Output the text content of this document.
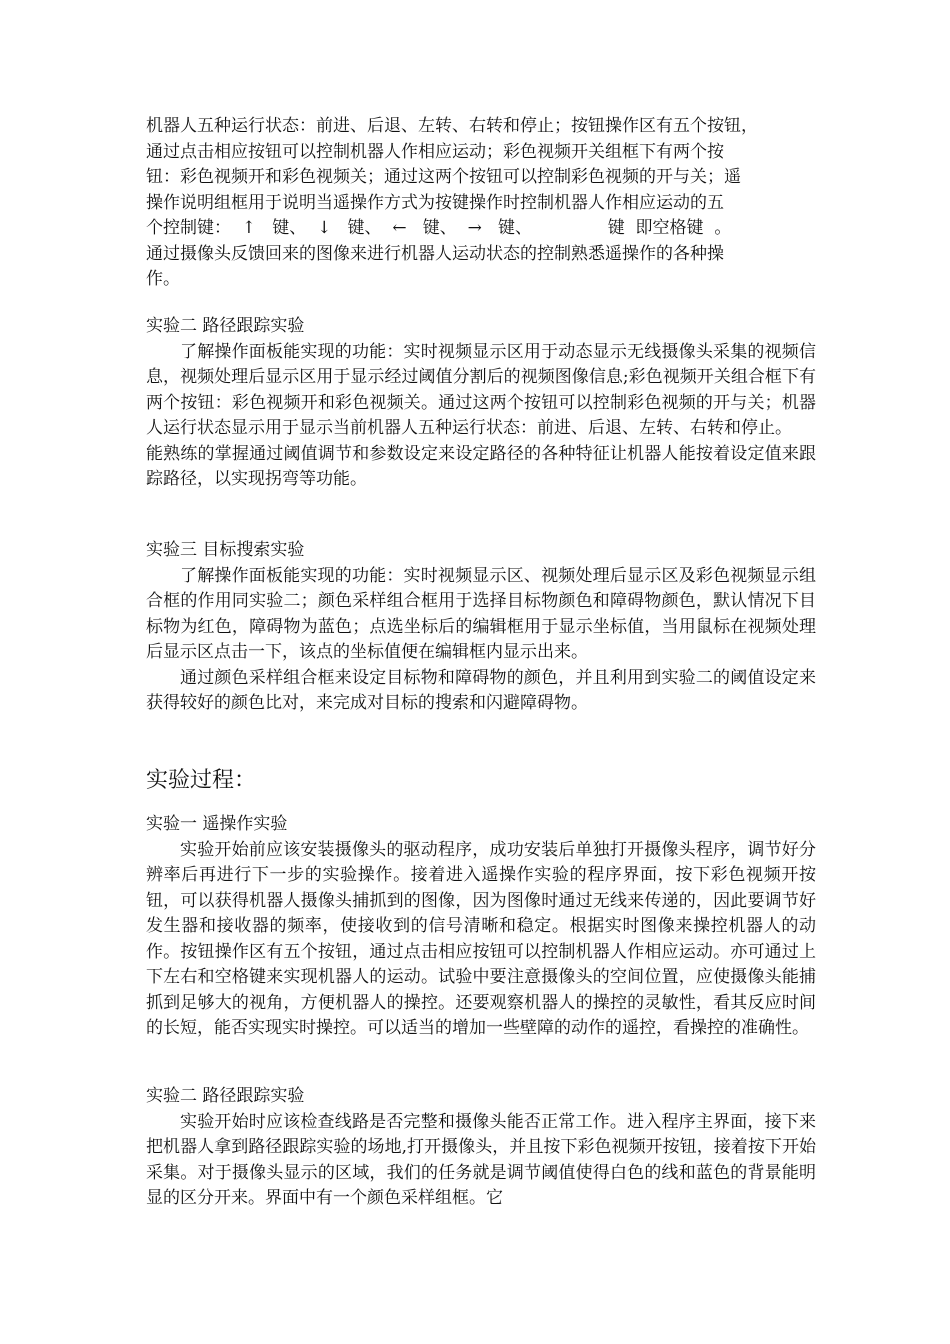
机器人五种运行状态：前进、后退、左转、右转和停止；按钮操作区有五个按钮，

通过点击相应按钮可以控制机器人作相应运动；彩色视频开关组框下有两个按

钮：彩色视频开和彩色视频关；通过这两个按钮可以控制彩色视频的开与关；遥

操作说明组框用于说明当遥操作方式为按键操作时控制机器人作相应运动的五

个控制键：  ↑   键、  ↓   键、  ←   键、  →   键、              键  即空格键  。

通过摄像头反馈回来的图像来进行机器人运动状态的控制熟悉遥操作的各种操

作。

实验二 路径跟踪实验

了解操作面板能实现的功能：实时视频显示区用于动态显示无线摄像头采集的视频信息，视频处理后显示区用于显示经过阈值分割后的视频图像信息;彩色视频开关组合框下有两个按钮：彩色视频开和彩色视频关。通过这两个按钮可以控制彩色视频的开与关；机器人运行状态显示用于显示当前机器人五种运行状态：前进、后退、左转、右转和停止。

能熟练的掌握通过阈值调节和参数设定来设定路径的各种特征让机器人能按着设定值来跟踪路径，以实现拐弯等功能。

实验三 目标搜索实验

了解操作面板能实现的功能：实时视频显示区、视频处理后显示区及彩色视频显示组合框的作用同实验二；颜色采样组合框用于选择目标物颜色和障碍物颜色，默认情况下目标物为红色，障碍物为蓝色；点选坐标后的编辑框用于显示坐标值，当用鼠标在视频处理后显示区点击一下，该点的坐标值便在编辑框内显示出来。

通过颜色采样组合框来设定目标物和障碍物的颜色，并且利用到实验二的阈值设定来获得较好的颜色比对，来完成对目标的搜索和闪避障碍物。

实验过程：

实验一 遥操作实验

实验开始前应该安装摄像头的驱动程序，成功安装后单独打开摄像头程序，调节好分辨率后再进行下一步的实验操作。接着进入遥操作实验的程序界面，按下彩色视频开按钮，可以获得机器人摄像头捕抓到的图像，因为图像时通过无线来传递的，因此要调节好发生器和接收器的频率，使接收到的信号清晰和稳定。根据实时图像来操控机器人的动作。按钮操作区有五个按钮，通过点击相应按钮可以控制机器人作相应运动。亦可通过上下左右和空格键来实现机器人的运动。试验中要注意摄像头的空间位置，应使摄像头能捕抓到足够大的视角，方便机器人的操控。还要观察机器人的操控的灵敏性，看其反应时间的长短，能否实现实时操控。可以适当的增加一些壁障的动作的遥控，看操控的准确性。

实验二 路径跟踪实验

实验开始时应该检查线路是否完整和摄像头能否正常工作。进入程序主界面，接下来把机器人拿到路径跟踪实验的场地,打开摄像头，并且按下彩色视频开按钮，接着按下开始采集。对于摄像头显示的区域，我们的任务就是调节阈值使得白色的线和蓝色的背景能明显的区分开来。界面中有一个颜色采样组框。它
